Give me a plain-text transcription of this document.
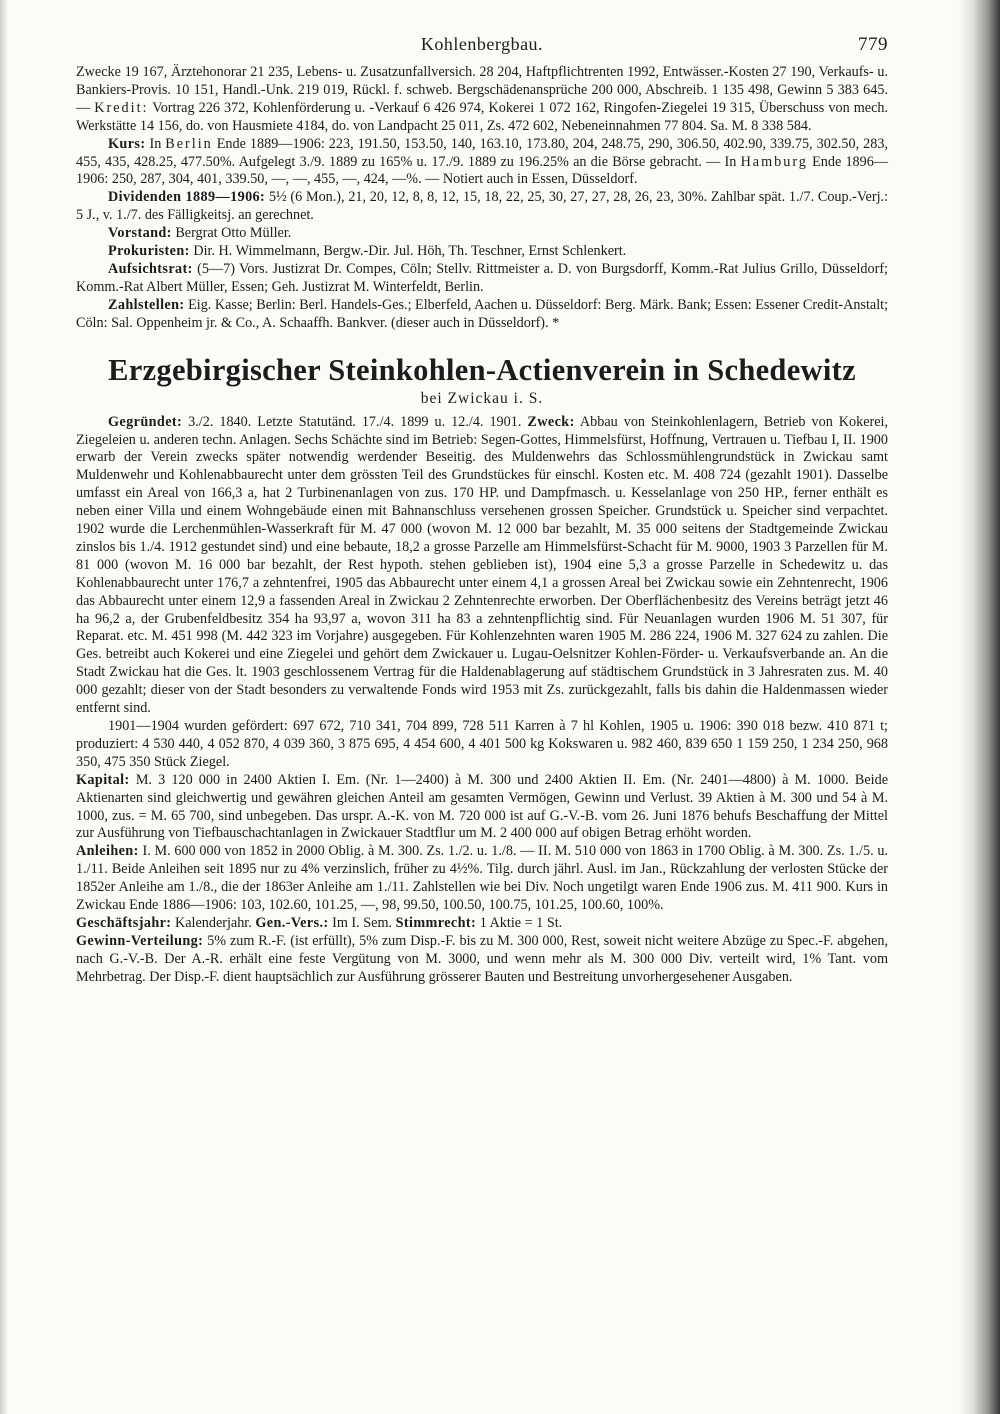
Kohlenbergbau.	779

Zwecke 19 167, Ärztehonorar 21 235, Lebens- u. Zusatzunfallversich. 28 204, Haftpflichtrenten 1992, Entwässer.-Kosten 27 190, Verkaufs- u. Bankiers-Provis. 10 151, Handl.-Unk. 219 019, Rückl. f. schweb. Bergschädenansprüche 200 000, Abschreib. 1 135 498, Gewinn 5 383 645. — Kredit: Vortrag 226 372, Kohlenförderung u. -Verkauf 6 426 974, Kokerei 1 072 162, Ringofen-Ziegelei 19 315, Überschuss von mech. Werkstätte 14 156, do. von Hausmiete 4184, do. von Landpacht 25 011, Zs. 472 602, Nebeneinnahmen 77 804. Sa. M. 8 338 584.

Kurs: In Berlin Ende 1889—1906: 223, 191.50, 153.50, 140, 163.10, 173.80, 204, 248.75, 290, 306.50, 402.90, 339.75, 302.50, 283, 455, 435, 428.25, 477.50%. Aufgelegt 3./9. 1889 zu 165% u. 17./9. 1889 zu 196.25% an die Börse gebracht. — In Hamburg Ende 1896—1906: 250, 287, 304, 401, 339.50, —, —, 455, —, 424, —%. — Notiert auch in Essen, Düsseldorf.

Dividenden 1889—1906: 5½ (6 Mon.), 21, 20, 12, 8, 8, 12, 15, 18, 22, 25, 30, 27, 27, 28, 26, 23, 30%. Zahlbar spät. 1./7. Coup.-Verj.: 5 J., v. 1./7. des Fälligkeitsj. an gerechnet.

Vorstand: Bergrat Otto Müller.

Prokuristen: Dir. H. Wimmelmann, Bergw.-Dir. Jul. Höh, Th. Teschner, Ernst Schlenkert.

Aufsichtsrat: (5—7) Vors. Justizrat Dr. Compes, Cöln; Stellv. Rittmeister a. D. von Burgsdorff, Komm.-Rat Julius Grillo, Düsseldorf; Komm.-Rat Albert Müller, Essen; Geh. Justizrat M. Winterfeldt, Berlin.

Zahlstellen: Eig. Kasse; Berlin: Berl. Handels-Ges.; Elberfeld, Aachen u. Düsseldorf: Berg. Märk. Bank; Essen: Essener Credit-Anstalt; Cöln: Sal. Oppenheim jr. & Co., A. Schaaffh. Bankver. (dieser auch in Düsseldorf). *

Erzgebirgischer Steinkohlen-Actienverein in Schedewitz
bei Zwickau i. S.

Gegründet: 3./2. 1840. Letzte Statutänd. 17./4. 1899 u. 12./4. 1901. Zweck: Abbau von Steinkohlenlagern, Betrieb von Kokerei, Ziegeleien u. anderen techn. Anlagen. Sechs Schächte sind im Betrieb: Segen-Gottes, Himmelsfürst, Hoffnung, Vertrauen u. Tiefbau I, II. 1900 erwarb der Verein zwecks später notwendig werdender Beseitig. des Muldenwehrs das Schlossmühlengrundstück in Zwickau samt Muldenwehr und Kohlenabbaurecht unter dem grössten Teil des Grundstückes für einschl. Kosten etc. M. 408 724 (gezahlt 1901). Dasselbe umfasst ein Areal von 166,3 a, hat 2 Turbinenanlagen von zus. 170 HP. und Dampfmasch. u. Kesselanlage von 250 HP., ferner enthält es neben einer Villa und einem Wohngebäude einen mit Bahnanschluss versehenen grossen Speicher. Grundstück u. Speicher sind verpachtet. 1902 wurde die Lerchenmühlen-Wasserkraft für M. 47 000 (wovon M. 12 000 bar bezahlt, M. 35 000 seitens der Stadtgemeinde Zwickau zinslos bis 1./4. 1912 gestundet sind) und eine bebaute, 18,2 a grosse Parzelle am Himmelsfürst-Schacht für M. 9000, 1903 3 Parzellen für M. 81 000 (wovon M. 16 000 bar bezahlt, der Rest hypoth. stehen geblieben ist), 1904 eine 5,3 a grosse Parzelle in Schedewitz u. das Kohlenabbaurecht unter 176,7 a zehntenfrei, 1905 das Abbaurecht unter einem 4,1 a grossen Areal bei Zwickau sowie ein Zehntenrecht, 1906 das Abbaurecht unter einem 12,9 a fassenden Areal in Zwickau 2 Zehntenrechte erworben. Der Oberflächenbesitz des Vereins beträgt jetzt 46 ha 96,2 a, der Grubenfeldbesitz 354 ha 93,97 a, wovon 311 ha 83 a zehntenpflichtig sind. Für Neuanlagen wurden 1906 M. 51 307, für Reparat. etc. M. 451 998 (M. 442 323 im Vorjahre) ausgegeben. Für Kohlenzehnten waren 1905 M. 286 224, 1906 M. 327 624 zu zahlen. Die Ges. betreibt auch Kokerei und eine Ziegelei und gehört dem Zwickauer u. Lugau-Oelsnitzer Kohlen-Förder- u. Verkaufsverbande an. An die Stadt Zwickau hat die Ges. lt. 1903 geschlossenem Vertrag für die Haldenablagerung auf städtischem Grundstück in 3 Jahresraten zus. M. 40 000 gezahlt; dieser von der Stadt besonders zu verwaltende Fonds wird 1953 mit Zs. zurückgezahlt, falls bis dahin die Haldenmassen wieder entfernt sind.

1901—1904 wurden gefördert: 697 672, 710 341, 704 899, 728 511 Karren à 7 hl Kohlen, 1905 u. 1906: 390 018 bezw. 410 871 t; produziert: 4 530 440, 4 052 870, 4 039 360, 3 875 695, 4 454 600, 4 401 500 kg Kokswaren u. 982 460, 839 650 1 159 250, 1 234 250, 968 350, 475 350 Stück Ziegel.

Kapital: M. 3 120 000 in 2400 Aktien I. Em. (Nr. 1—2400) à M. 300 und 2400 Aktien II. Em. (Nr. 2401—4800) à M. 1000. Beide Aktienarten sind gleichwertig und gewähren gleichen Anteil am gesamten Vermögen, Gewinn und Verlust. 39 Aktien à M. 300 und 54 à M. 1000, zus. = M. 65 700, sind unbegeben. Das urspr. A.-K. von M. 720 000 ist auf G.-V.-B. vom 26. Juni 1876 behufs Beschaffung der Mittel zur Ausführung von Tiefbauschachtanlagen in Zwickauer Stadtflur um M. 2 400 000 auf obigen Betrag erhöht worden.

Anleihen: I. M. 600 000 von 1852 in 2000 Oblig. à M. 300. Zs. 1./2. u. 1./8. — II. M. 510 000 von 1863 in 1700 Oblig. à M. 300. Zs. 1./5. u. 1./11. Beide Anleihen seit 1895 nur zu 4% verzinslich, früher zu 4½%. Tilg. durch jährl. Ausl. im Jan., Rückzahlung der verlosten Stücke der 1852er Anleihe am 1./8., die der 1863er Anleihe am 1./11. Zahlstellen wie bei Div. Noch ungetilgt waren Ende 1906 zus. M. 411 900. Kurs in Zwickau Ende 1886—1906: 103, 102.60, 101.25, —, 98, 99.50, 100.50, 100.75, 101.25, 100.60, 100%.

Geschäftsjahr: Kalenderjahr. Gen.-Vers.: Im I. Sem. Stimmrecht: 1 Aktie = 1 St.

Gewinn-Verteilung: 5% zum R.-F. (ist erfüllt), 5% zum Disp.-F. bis zu M. 300 000, Rest, soweit nicht weitere Abzüge zu Spec.-F. abgehen, nach G.-V.-B. Der A.-R. erhält eine feste Vergütung von M. 3000, und wenn mehr als M. 300 000 Div. verteilt wird, 1% Tant. vom Mehrbetrag. Der Disp.-F. dient hauptsächlich zur Ausführung grösserer Bauten und Bestreitung unvorhergesehener Ausgaben.
